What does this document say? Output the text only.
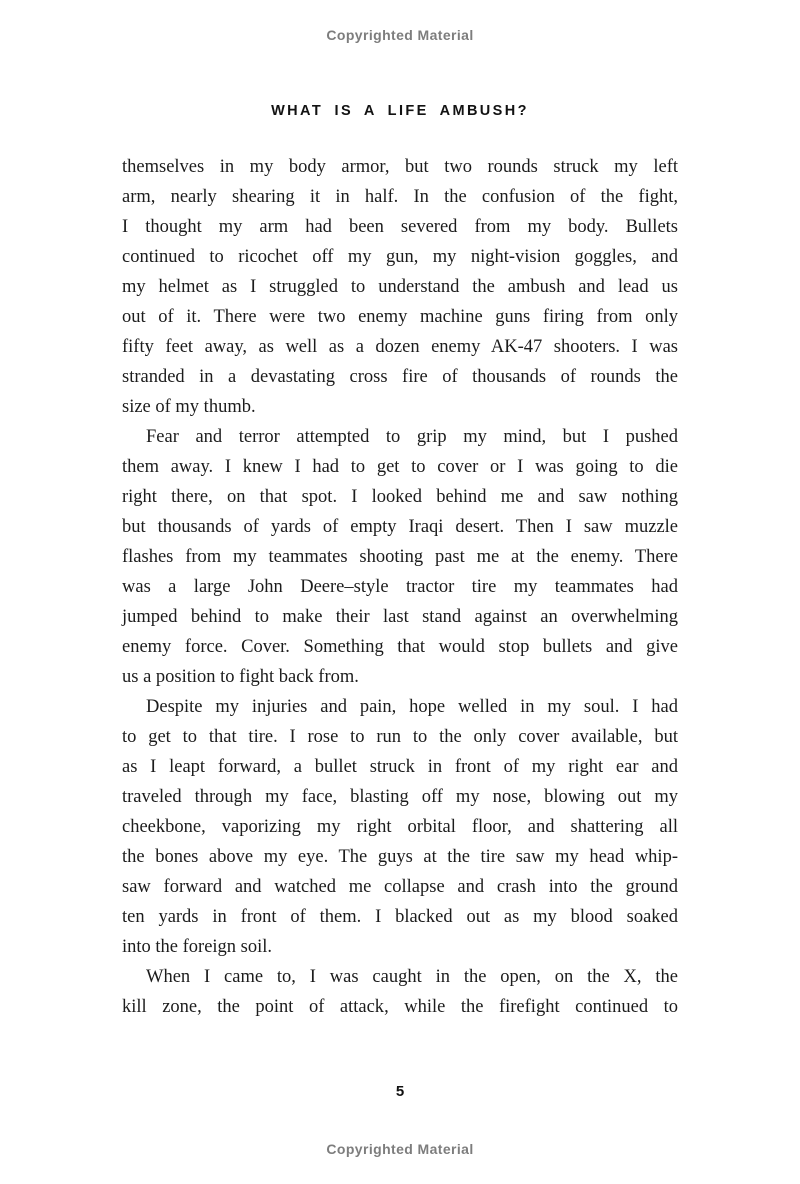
Copyrighted Material
WHAT IS A LIFE AMBUSH?
themselves in my body armor, but two rounds struck my left
arm, nearly shearing it in half. In the confusion of the fight,
I thought my arm had been severed from my body. Bullets
continued to ricochet off my gun, my night-vision goggles, and
my helmet as I struggled to understand the ambush and lead us
out of it. There were two enemy machine guns firing from only
fifty feet away, as well as a dozen enemy AK-47 shooters. I was
stranded in a devastating cross fire of thousands of rounds the
size of my thumb.
Fear and terror attempted to grip my mind, but I pushed
them away. I knew I had to get to cover or I was going to die
right there, on that spot. I looked behind me and saw nothing
but thousands of yards of empty Iraqi desert. Then I saw muzzle
flashes from my teammates shooting past me at the enemy. There
was a large John Deere–style tractor tire my teammates had
jumped behind to make their last stand against an overwhelming
enemy force. Cover. Something that would stop bullets and give
us a position to fight back from.
Despite my injuries and pain, hope welled in my soul. I had
to get to that tire. I rose to run to the only cover available, but
as I leapt forward, a bullet struck in front of my right ear and
traveled through my face, blasting off my nose, blowing out my
cheekbone, vaporizing my right orbital floor, and shattering all
the bones above my eye. The guys at the tire saw my head whip-
saw forward and watched me collapse and crash into the ground
ten yards in front of them. I blacked out as my blood soaked
into the foreign soil.
When I came to, I was caught in the open, on the X, the
kill zone, the point of attack, while the firefight continued to
5
Copyrighted Material
